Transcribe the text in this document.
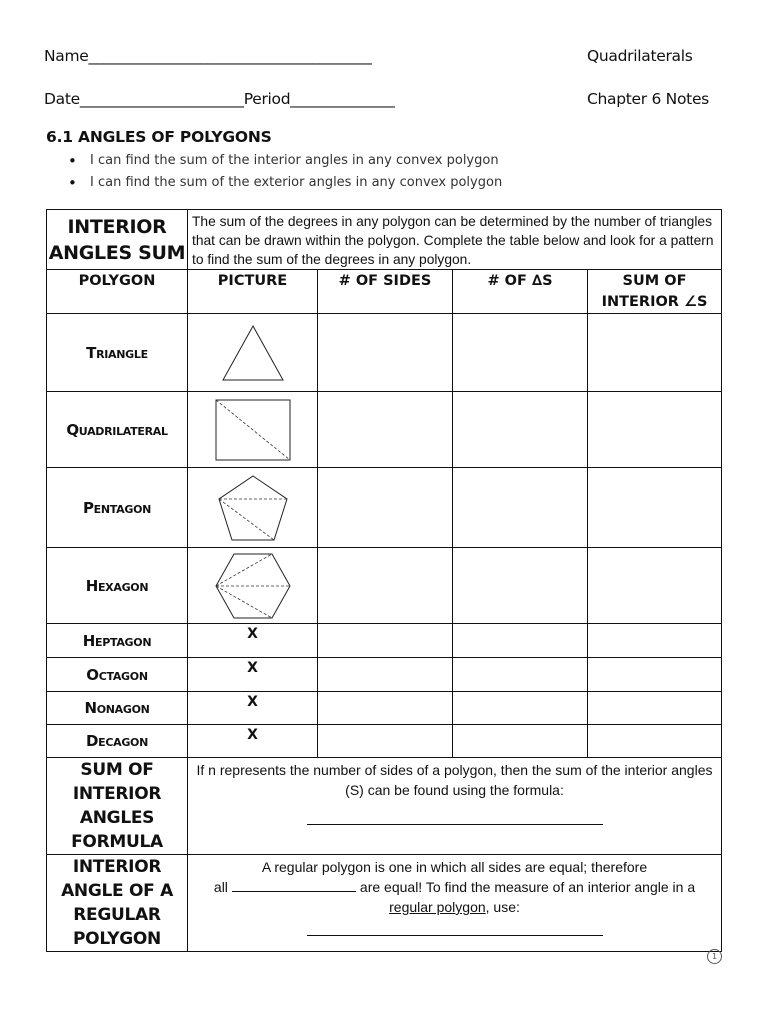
Name______________________________________	Quadrilaterals
Date______________________Period______________	Chapter 6 Notes
6.1 ANGLES OF POLYGONS
• I can find the sum of the interior angles in any convex polygon
• I can find the sum of the exterior angles in any convex polygon
INTERIOR ANGLES SUM	The sum of the degrees in any polygon can be determined by the number of triangles that can be drawn within the polygon. Complete the table below and look for a pattern to find the sum of the degrees in any polygon.			
POLYGON	PICTURE	# OF SIDES	# OF ∆S	SUM OF INTERIOR ∠S
Triangle	

Quadrilateral	

Pentagon	

Hexagon	

Heptagon	X			
Octagon	X			
Nonagon	X			
Decagon	X			
SUM OF INTERIOR ANGLES FORMULA	If n represents the number of sides of a polygon, then the sum of the interior angles (S) can be found using the formula:			

INTERIOR ANGLE OF A REGULAR POLYGON	A regular polygon is one in which all sides are equal; therefore
all are equal! To find the measure of an interior angle in a
regular polygon, use:			
1
